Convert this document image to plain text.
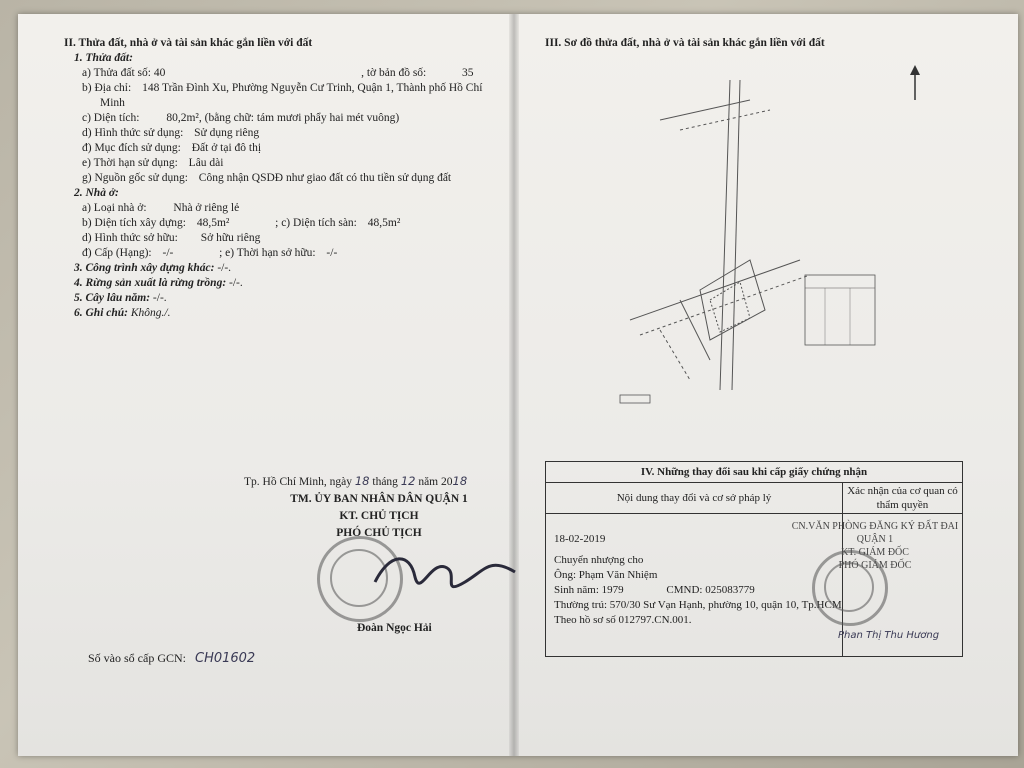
II. Thửa đất, nhà ở và tài sản khác gắn liền với đất
1. Thửa đất:
a) Thửa đất số: 40	, tờ bản đồ số:	35
b) Địa chỉ: 148 Trần Đình Xu, Phường Nguyễn Cư Trinh, Quận 1, Thành phố Hồ Chí
Minh
c) Diện tích: 80,2m², (bằng chữ: tám mươi phẩy hai mét vuông)
d) Hình thức sử dụng: Sử dụng riêng
đ) Mục đích sử dụng: Đất ở tại đô thị
e) Thời hạn sử dụng: Lâu dài
g) Nguồn gốc sử dụng: Công nhận QSDĐ như giao đất có thu tiền sử dụng đất
2. Nhà ở:
a) Loại nhà ở: Nhà ở riêng lẻ
b) Diện tích xây dựng: 48,5m²	; c) Diện tích sàn: 48,5m²
d) Hình thức sở hữu: Sở hữu riêng
đ) Cấp (Hạng): -/-	; e) Thời hạn sở hữu: -/-
3. Công trình xây dựng khác: -/-.
4. Rừng sản xuất là rừng trồng: -/-.
5. Cây lâu năm: -/-.
6. Ghi chú: Không./.
Tp. Hồ Chí Minh, ngày 18 tháng 12 năm 2018
TM. ỦY BAN NHÂN DÂN QUẬN 1
KT. CHỦ TỊCH
PHÓ CHỦ TỊCH
Đoàn Ngọc Hải
Số vào sổ cấp GCN: CH01602
III. Sơ đồ thửa đất, nhà ở và tài sản khác gắn liền với đất
IV. Những thay đổi sau khi cấp giấy chứng nhận
Nội dung thay đổi và cơ sở pháp lý
Xác nhận của cơ quan có thẩm quyền
CN.VĂN PHÒNG ĐĂNG KÝ ĐẤT ĐAI QUẬN 1
KT. GIÁM ĐỐC
PHÓ GIÁM ĐỐC
18-02-2019
Chuyển nhượng cho
Ông: Phạm Văn Nhiệm
Sinh năm: 1979	CMND: 025083779
Thường trú: 570/30 Sư Vạn Hạnh, phường 10, quận 10, Tp.HCM
Theo hồ sơ số 012797.CN.001.
Phan Thị Thu Hương
